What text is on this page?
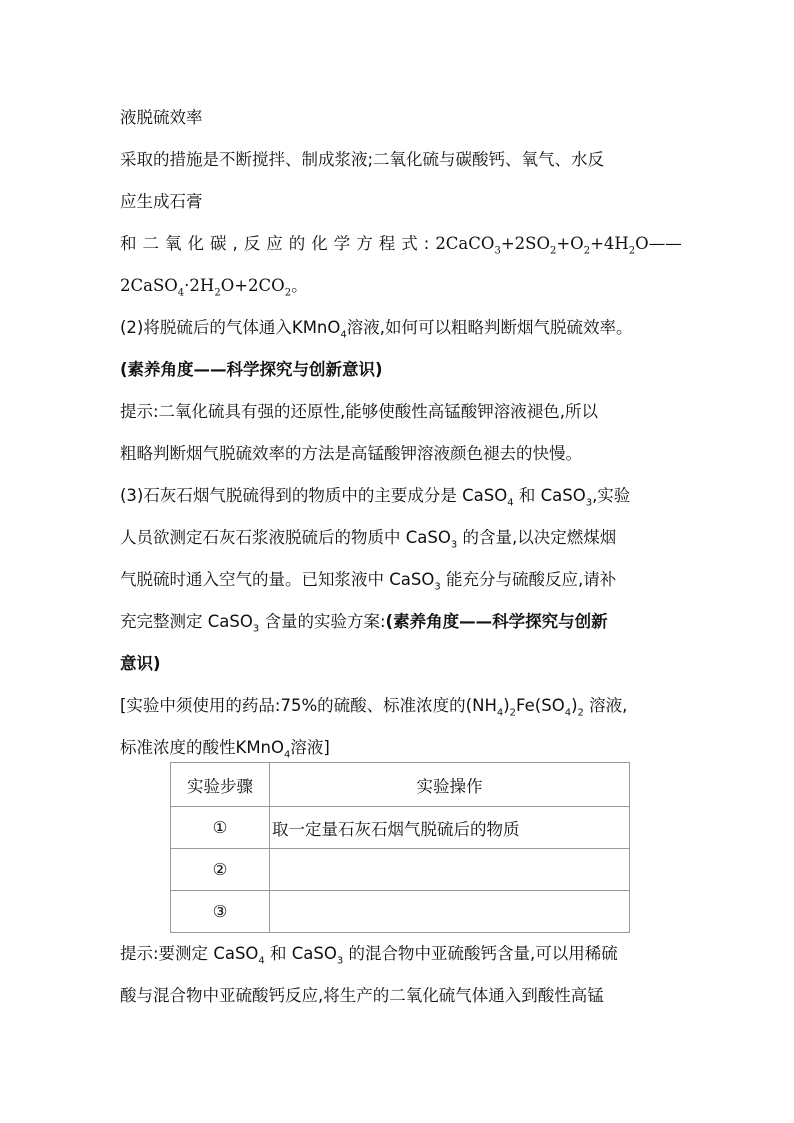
液脱硫效率
采取的措施是不断搅拌、制成浆液;二氧化硫与碳酸钙、氧气、水反
应生成石膏
和二氧化碳,反应的化学方程式$:2CaCO_3+2SO_2+O_2+4H_2O——$
$2CaSO_4\cdot 2H_2O+2CO_2$。
(2)将脱硫后的气体通入KMnO$_4$溶液,如何可以粗略判断烟气脱硫效率。
(素养角度——科学探究与创新意识)
提示:二氧化硫具有强的还原性,能够使酸性高锰酸钾溶液褪色,所以
粗略判断烟气脱硫效率的方法是高锰酸钾溶液颜色褪去的快慢。
(3)石灰石烟气脱硫得到的物质中的主要成分是 CaSO$_4$ 和 CaSO$_3$,实验
人员欲测定石灰石浆液脱硫后的物质中 CaSO$_3$ 的含量,以决定燃煤烟
气脱硫时通入空气的量。已知浆液中 CaSO$_3$ 能充分与硫酸反应,请补
充完整测定 CaSO$_3$ 含量的实验方案:(素养角度——科学探究与创新
意识)
[实验中须使用的药品:75%的硫酸、标准浓度的$(NH_4)_2Fe(SO_4)_2$ 溶液,
标准浓度的酸性KMnO$_4$溶液]
实验步骤	实验操作
①	取一定量石灰石烟气脱硫后的物质
②	
③	
提示:要测定 CaSO$_4$ 和 CaSO$_3$ 的混合物中亚硫酸钙含量,可以用稀硫
酸与混合物中亚硫酸钙反应,将生产的二氧化硫气体通入到酸性高锰
